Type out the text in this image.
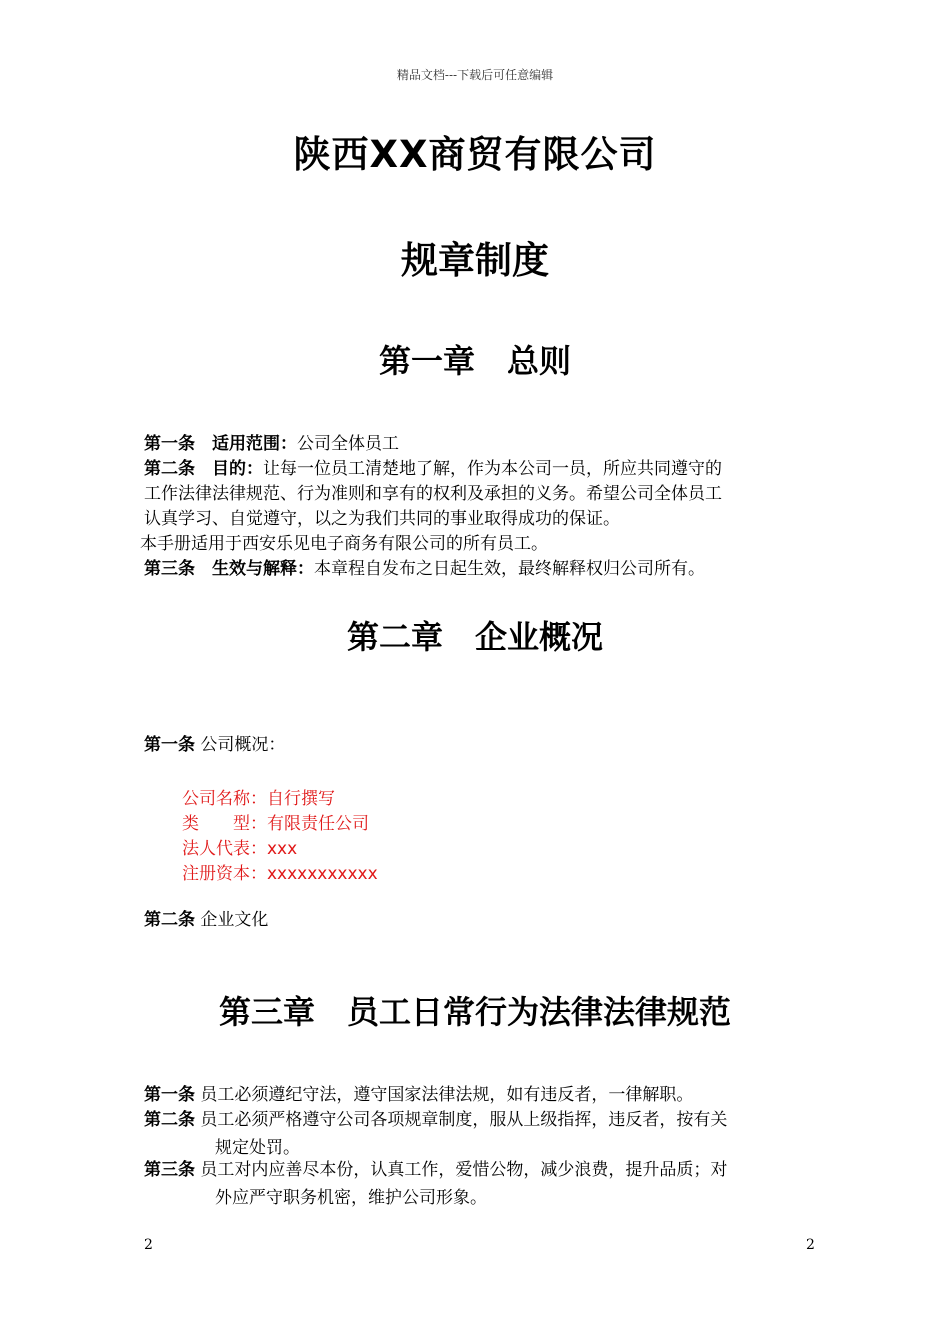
精品文档---下载后可任意编辑
陕西XX商贸有限公司
规章制度
第一章　总则
第一条　适用范围：公司全体员工
第二条　目的：让每一位员工清楚地了解，作为本公司一员，所应共同遵守的
工作法律法律规范、行为准则和享有的权利及承担的义务。希望公司全体员工
认真学习、自觉遵守，以之为我们共同的事业取得成功的保证。
本手册适用于西安乐见电子商务有限公司的所有员工。
第三条　生效与解释：本章程自发布之日起生效，最终解释权归公司所有。
第二章　企业概况
第一条 公司概况：
公司名称：自行撰写
类　　型：有限责任公司
法人代表：xxx
注册资本：xxxxxxxxxxx
第二条 企业文化
第三章　员工日常行为法律法律规范
第一条 员工必须遵纪守法，遵守国家法律法规，如有违反者，一律解职。
第二条 员工必须严格遵守公司各项规章制度，服从上级指挥，违反者，按有关
规定处罚。
第三条 员工对内应善尽本份，认真工作，爱惜公物，减少浪费，提升品质；对
外应严守职务机密，维护公司形象。
2	2
